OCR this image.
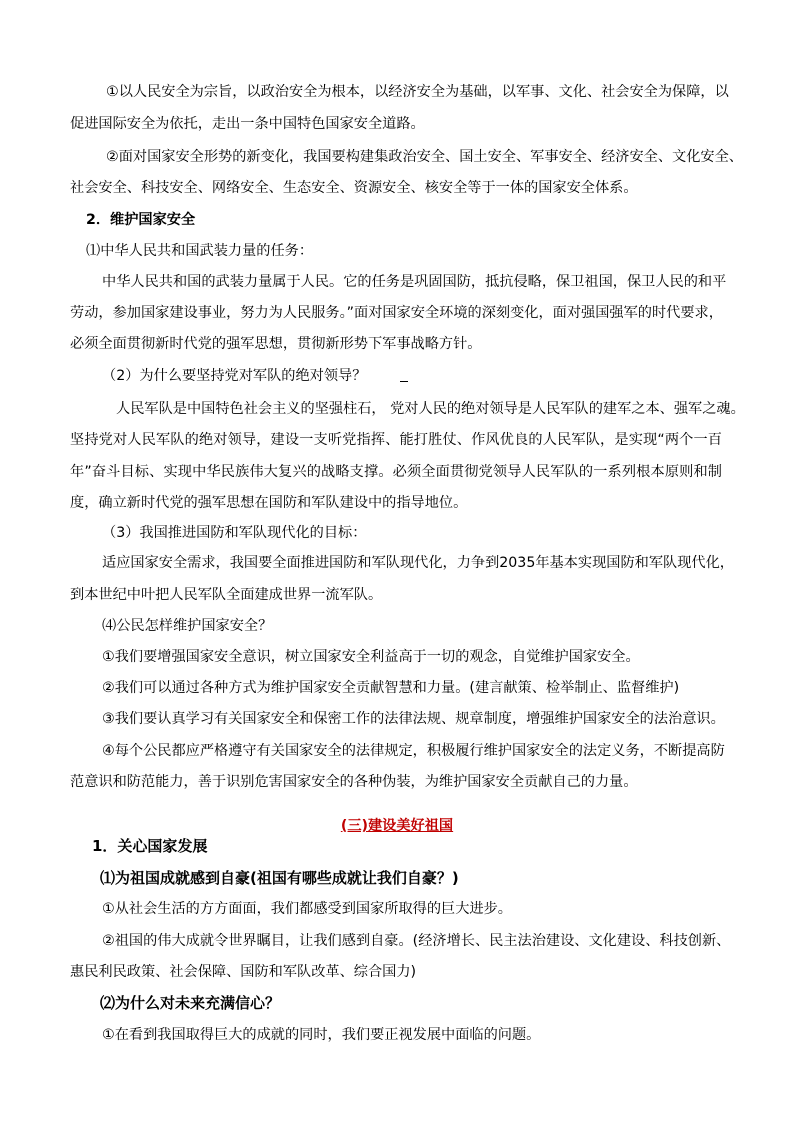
①以人民安全为宗旨，以政治安全为根本，以经济安全为基础，以军事、文化、社会安全为保障，以

促进国际安全为依托，走出一条中国特色国家安全道路。

②面对国家安全形势的新变化，我国要构建集政治安全、国土安全、军事安全、经济安全、文化安全、

社会安全、科技安全、网络安全、生态安全、资源安全、核安全等于一体的国家安全体系。

2．维护国家安全

⑴中华人民共和国武装力量的任务：

中华人民共和国的武装力量属于人民。它的任务是巩固国防，抵抗侵略，保卫祖国，保卫人民的和平

劳动，参加国家建设事业，努力为人民服务。”面对国家安全环境的深刻变化，面对强国强军的时代要求，

必须全面贯彻新时代党的强军思想，贯彻新形势下军事战略方针。

（2）为什么要坚持党对军队的绝对领导？

人民军队是中国特色社会主义的坚强柱石， 党对人民的绝对领导是人民军队的建军之本、强军之魂。

坚持党对人民军队的绝对领导，建设一支听党指挥、能打胜仗、作风优良的人民军队，是实现“两个一百

年”奋斗目标、实现中华民族伟大复兴的战略支撑。必须全面贯彻党领导人民军队的一系列根本原则和制

度，确立新时代党的强军思想在国防和军队建设中的指导地位。

（3）我国推进国防和军队现代化的目标：

适应国家安全需求，我国要全面推进国防和军队现代化，力争到2035年基本实现国防和军队现代化，

到本世纪中叶把人民军队全面建成世界一流军队。

⑷公民怎样维护国家安全？

①我们要增强国家安全意识，树立国家安全利益高于一切的观念，自觉维护国家安全。

②我们可以通过各种方式为维护国家安全贡献智慧和力量。(建言献策、检举制止、监督维护)

③我们要认真学习有关国家安全和保密工作的法律法规、规章制度，增强维护国家安全的法治意识。

④每个公民都应严格遵守有关国家安全的法律规定，积极履行维护国家安全的法定义务，不断提高防

范意识和防范能力，善于识别危害国家安全的各种伪装，为维护国家安全贡献自己的力量。

(三)建设美好祖国

1．关心国家发展

⑴为祖国成就感到自豪(祖国有哪些成就让我们自豪？)

①从社会生活的方方面面，我们都感受到国家所取得的巨大进步。

②祖国的伟大成就令世界瞩目，让我们感到自豪。(经济增长、民主法治建设、文化建设、科技创新、

惠民利民政策、社会保障、国防和军队改革、综合国力)

⑵为什么对未来充满信心？

①在看到我国取得巨大的成就的同时，我们要正视发展中面临的问题。
